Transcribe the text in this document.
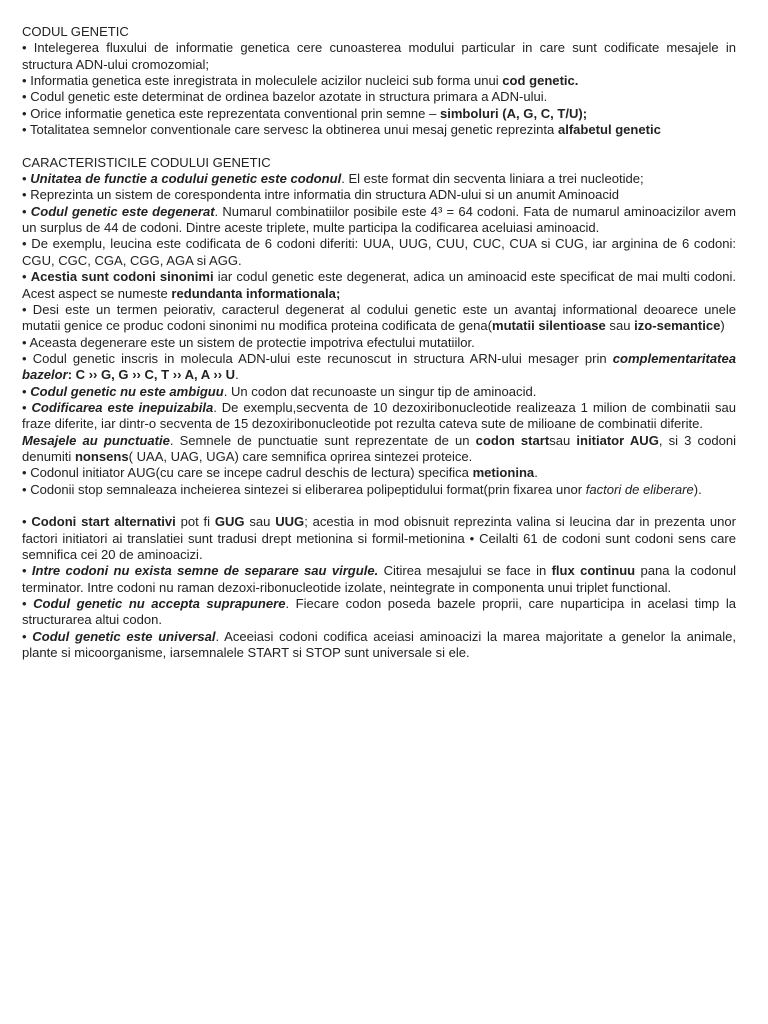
CODUL GENETIC
• Intelegerea fluxului de informatie genetica cere cunoasterea modului particular in care sunt codificate mesajele in structura ADN-ului cromozomial;
• Informatia genetica este inregistrata in moleculele acizilor nucleici sub forma unui cod genetic.
• Codul genetic este determinat de ordinea bazelor azotate in structura primara a ADN-ului.
• Orice informatie genetica este reprezentata conventional prin semne – simboluri (A, G, C, T/U);
• Totalitatea semnelor conventionale care servesc la obtinerea unui mesaj genetic reprezinta alfabetul genetic
CARACTERISTICILE CODULUI GENETIC
• Unitatea de functie a codului genetic este codonul. El este format din secventa liniara a trei nucleotide;
• Reprezinta un sistem de corespondenta intre informatia din structura ADN-ului si un anumit Aminoacid
• Codul genetic este degenerat. Numarul combinatiilor posibile este 4³ = 64 codoni. Fata de numarul aminoacizilor avem un surplus de 44 de codoni. Dintre aceste triplete, multe participa la codificarea aceluiasi aminoacid.
• De exemplu, leucina este codificata de 6 codoni diferiti: UUA, UUG, CUU, CUC, CUA si CUG, iar arginina de 6 codoni: CGU, CGC, CGA, CGG, AGA si AGG.
• Acestia sunt codoni sinonimi iar codul genetic este degenerat, adica un aminoacid este specificat de mai multi codoni. Acest aspect se numeste redundanta informationala;
• Desi este un termen peiorativ, caracterul degenerat al codului genetic este un avantaj informational deoarece unele mutatii genice ce produc codoni sinonimi nu modifica proteina codificata de gena(mutatii silentioase sau izo-semantice)
• Aceasta degenerare este un sistem de protectie impotriva efectului mutatiilor.
• Codul genetic inscris in molecula ADN-ului este recunoscut in structura ARN-ului mesager prin complementaritatea bazelor: C ›› G, G ›› C, T ›› A, A ›› U.
• Codul genetic nu este ambiguu. Un codon dat recunoaste un singur tip de aminoacid.
• Codificarea este inepuizabila. De exemplu,secventa de 10 dezoxiribonucleotide realizeaza 1 milion de combinatii sau fraze diferite, iar dintr-o secventa de 15 dezoxiribonucleotide pot rezulta cateva sute de milioane de combinatii diferite.
Mesajele au punctuatie. Semnele de punctuatie sunt reprezentate de un codon startsau initiator AUG, si 3 codoni denumiti nonsens( UAA, UAG, UGA) care semnifica oprirea sintezei proteice.
• Codonul initiator AUG(cu care se incepe cadrul deschis de lectura) specifica metionina.
• Codonii stop semnaleaza incheierea sintezei si eliberarea polipeptidului format(prin fixarea unor factori de eliberare).
• Codoni start alternativi pot fi GUG sau UUG; acestia in mod obisnuit reprezinta valina si leucina dar in prezenta unor factori initiatori ai translatiei sunt tradusi drept metionina si formil-metionina • Ceilalti 61 de codoni sunt codoni sens care semnifica cei 20 de aminoacizi.
• Intre codoni nu exista semne de separare sau virgule. Citirea mesajului se face in flux continuu pana la codonul terminator. Intre codoni nu raman dezoxi-ribonucleotide izolate, neintegrate in componenta unui triplet functional.
• Codul genetic nu accepta suprapunere. Fiecare codon poseda bazele proprii, care nuparticipa in acelasi timp la structurarea altui codon.
• Codul genetic este universal. Aceeiasi codoni codifica aceiasi aminoacizi la marea majoritate a genelor la animale, plante si micoorganisme, iarsemnalele START si STOP sunt universale si ele.
